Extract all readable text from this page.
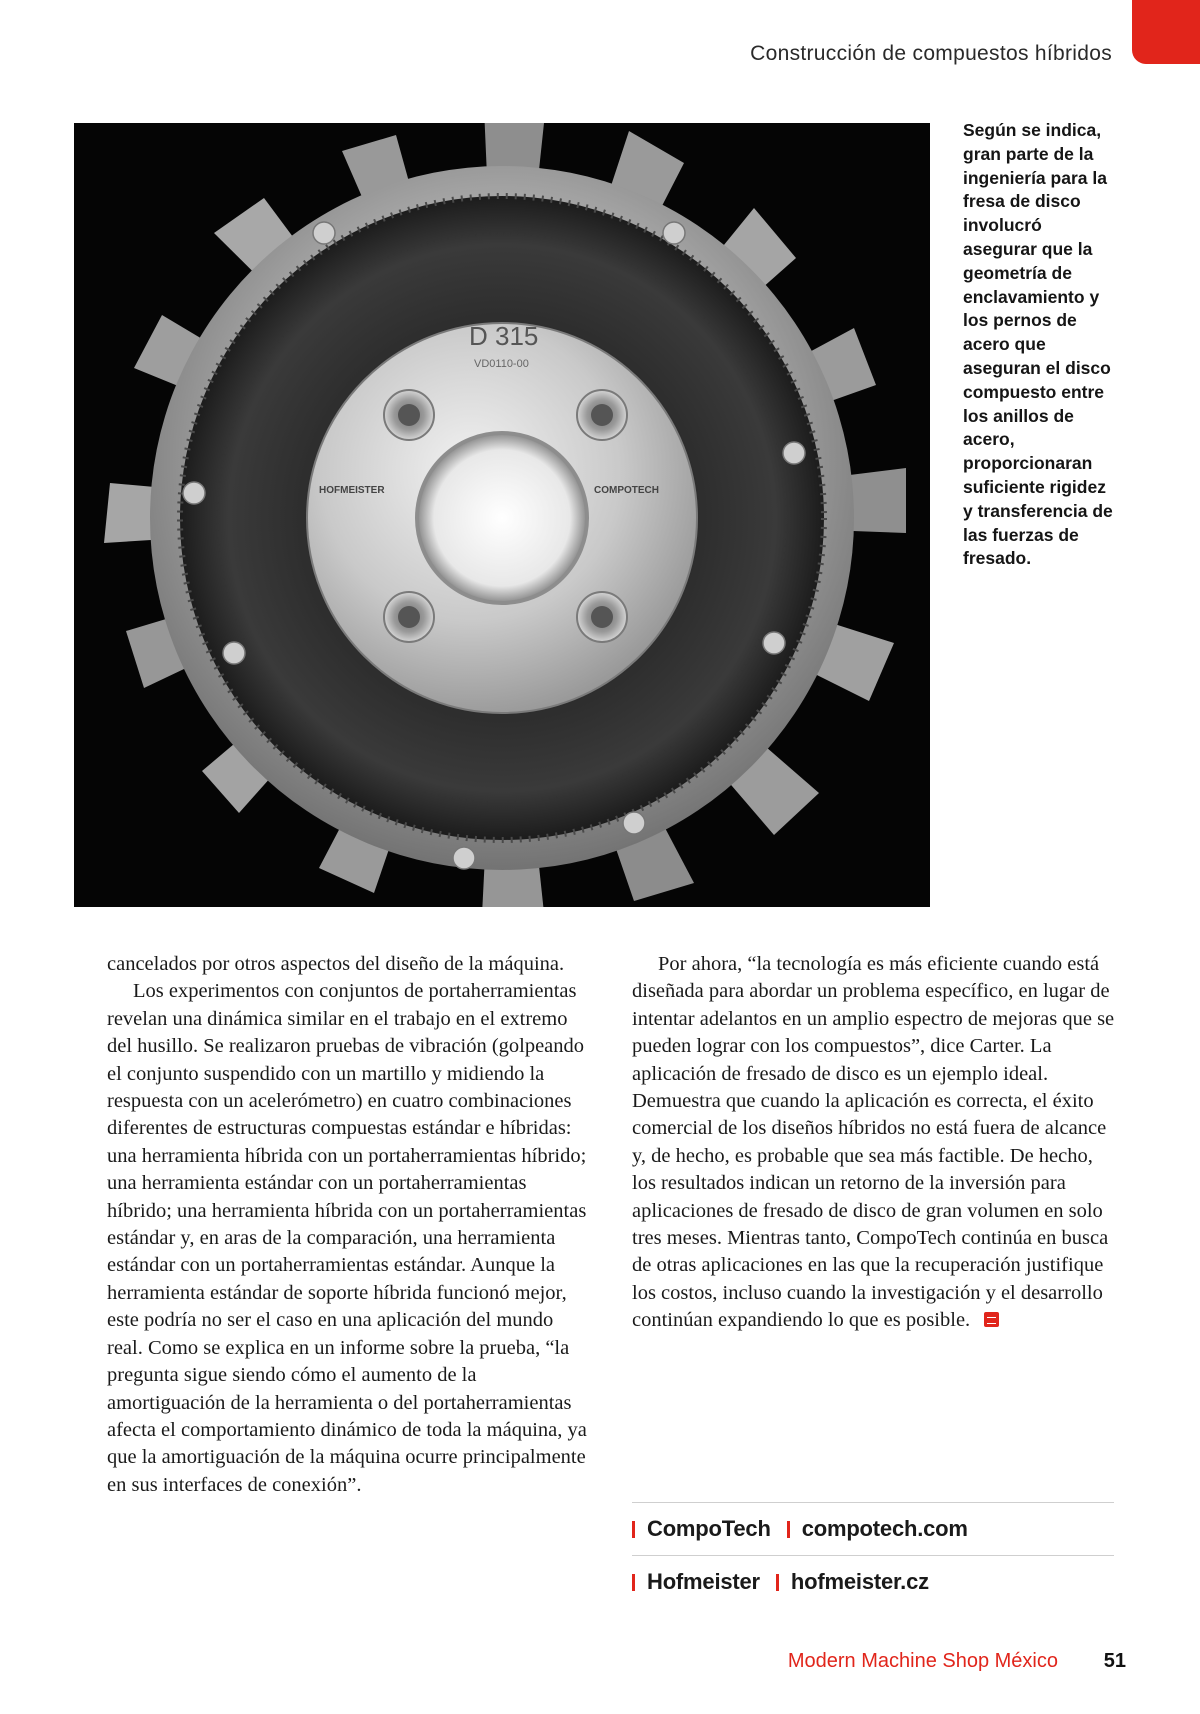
Construcción de compuestos híbridos
D 315
VD0110-00
HOFMEISTER	COMPOTECH
Según se indica, gran parte de la ingeniería para la fresa de disco involucró asegurar que la geometría de enclavamiento y los pernos de acero que aseguran el disco compuesto entre los anillos de acero, proporcionaran suficiente rigidez y transferencia de las fuerzas de fresado.

cancelados por otros aspectos del diseño de la máquina.

Los experimentos con conjuntos de portaherramientas revelan una dinámica similar en el trabajo en el extremo del husillo. Se realizaron pruebas de vibración (golpeando el conjunto suspendido con un martillo y midiendo la respuesta con un acelerómetro) en cuatro combinaciones diferentes de estructuras compuestas estándar e híbridas: una herramienta híbrida con un portaherramientas híbrido; una herramienta estándar con un portaherramientas híbrido; una herramienta híbrida con un portaherramientas estándar y, en aras de la comparación, una herramienta estándar con un portaherramientas estándar. Aunque la herramienta estándar de soporte híbrida funcionó mejor, este podría no ser el caso en una aplicación del mundo real. Como se explica en un informe sobre la prueba, “la pregunta sigue siendo cómo el aumento de la amortiguación de la herramienta o del portaherramientas afecta el comportamiento dinámico de toda la máquina, ya que la amortiguación de la máquina ocurre principalmente en sus interfaces de conexión”.

Por ahora, “la tecnología es más eficiente cuando está diseñada para abordar un problema específico, en lugar de intentar adelantos en un amplio espectro de mejoras que se pueden lograr con los compuestos”, dice Carter. La aplicación de fresado de disco es un ejemplo ideal. Demuestra que cuando la aplicación es correcta, el éxito comercial de los diseños híbridos no está fuera de alcance y, de hecho, es probable que sea más factible. De hecho, los resultados indican un retorno de la inversión para aplicaciones de fresado de disco de gran volumen en solo tres meses. Mientras tanto, CompoTech continúa en busca de otras aplicaciones en las que la recuperación justifique los costos, incluso cuando la investigación y el desarrollo continúan expandiendo lo que es posible.

CompoTech compotech.com
Hofmeister hofmeister.cz
Modern Machine Shop México 51
